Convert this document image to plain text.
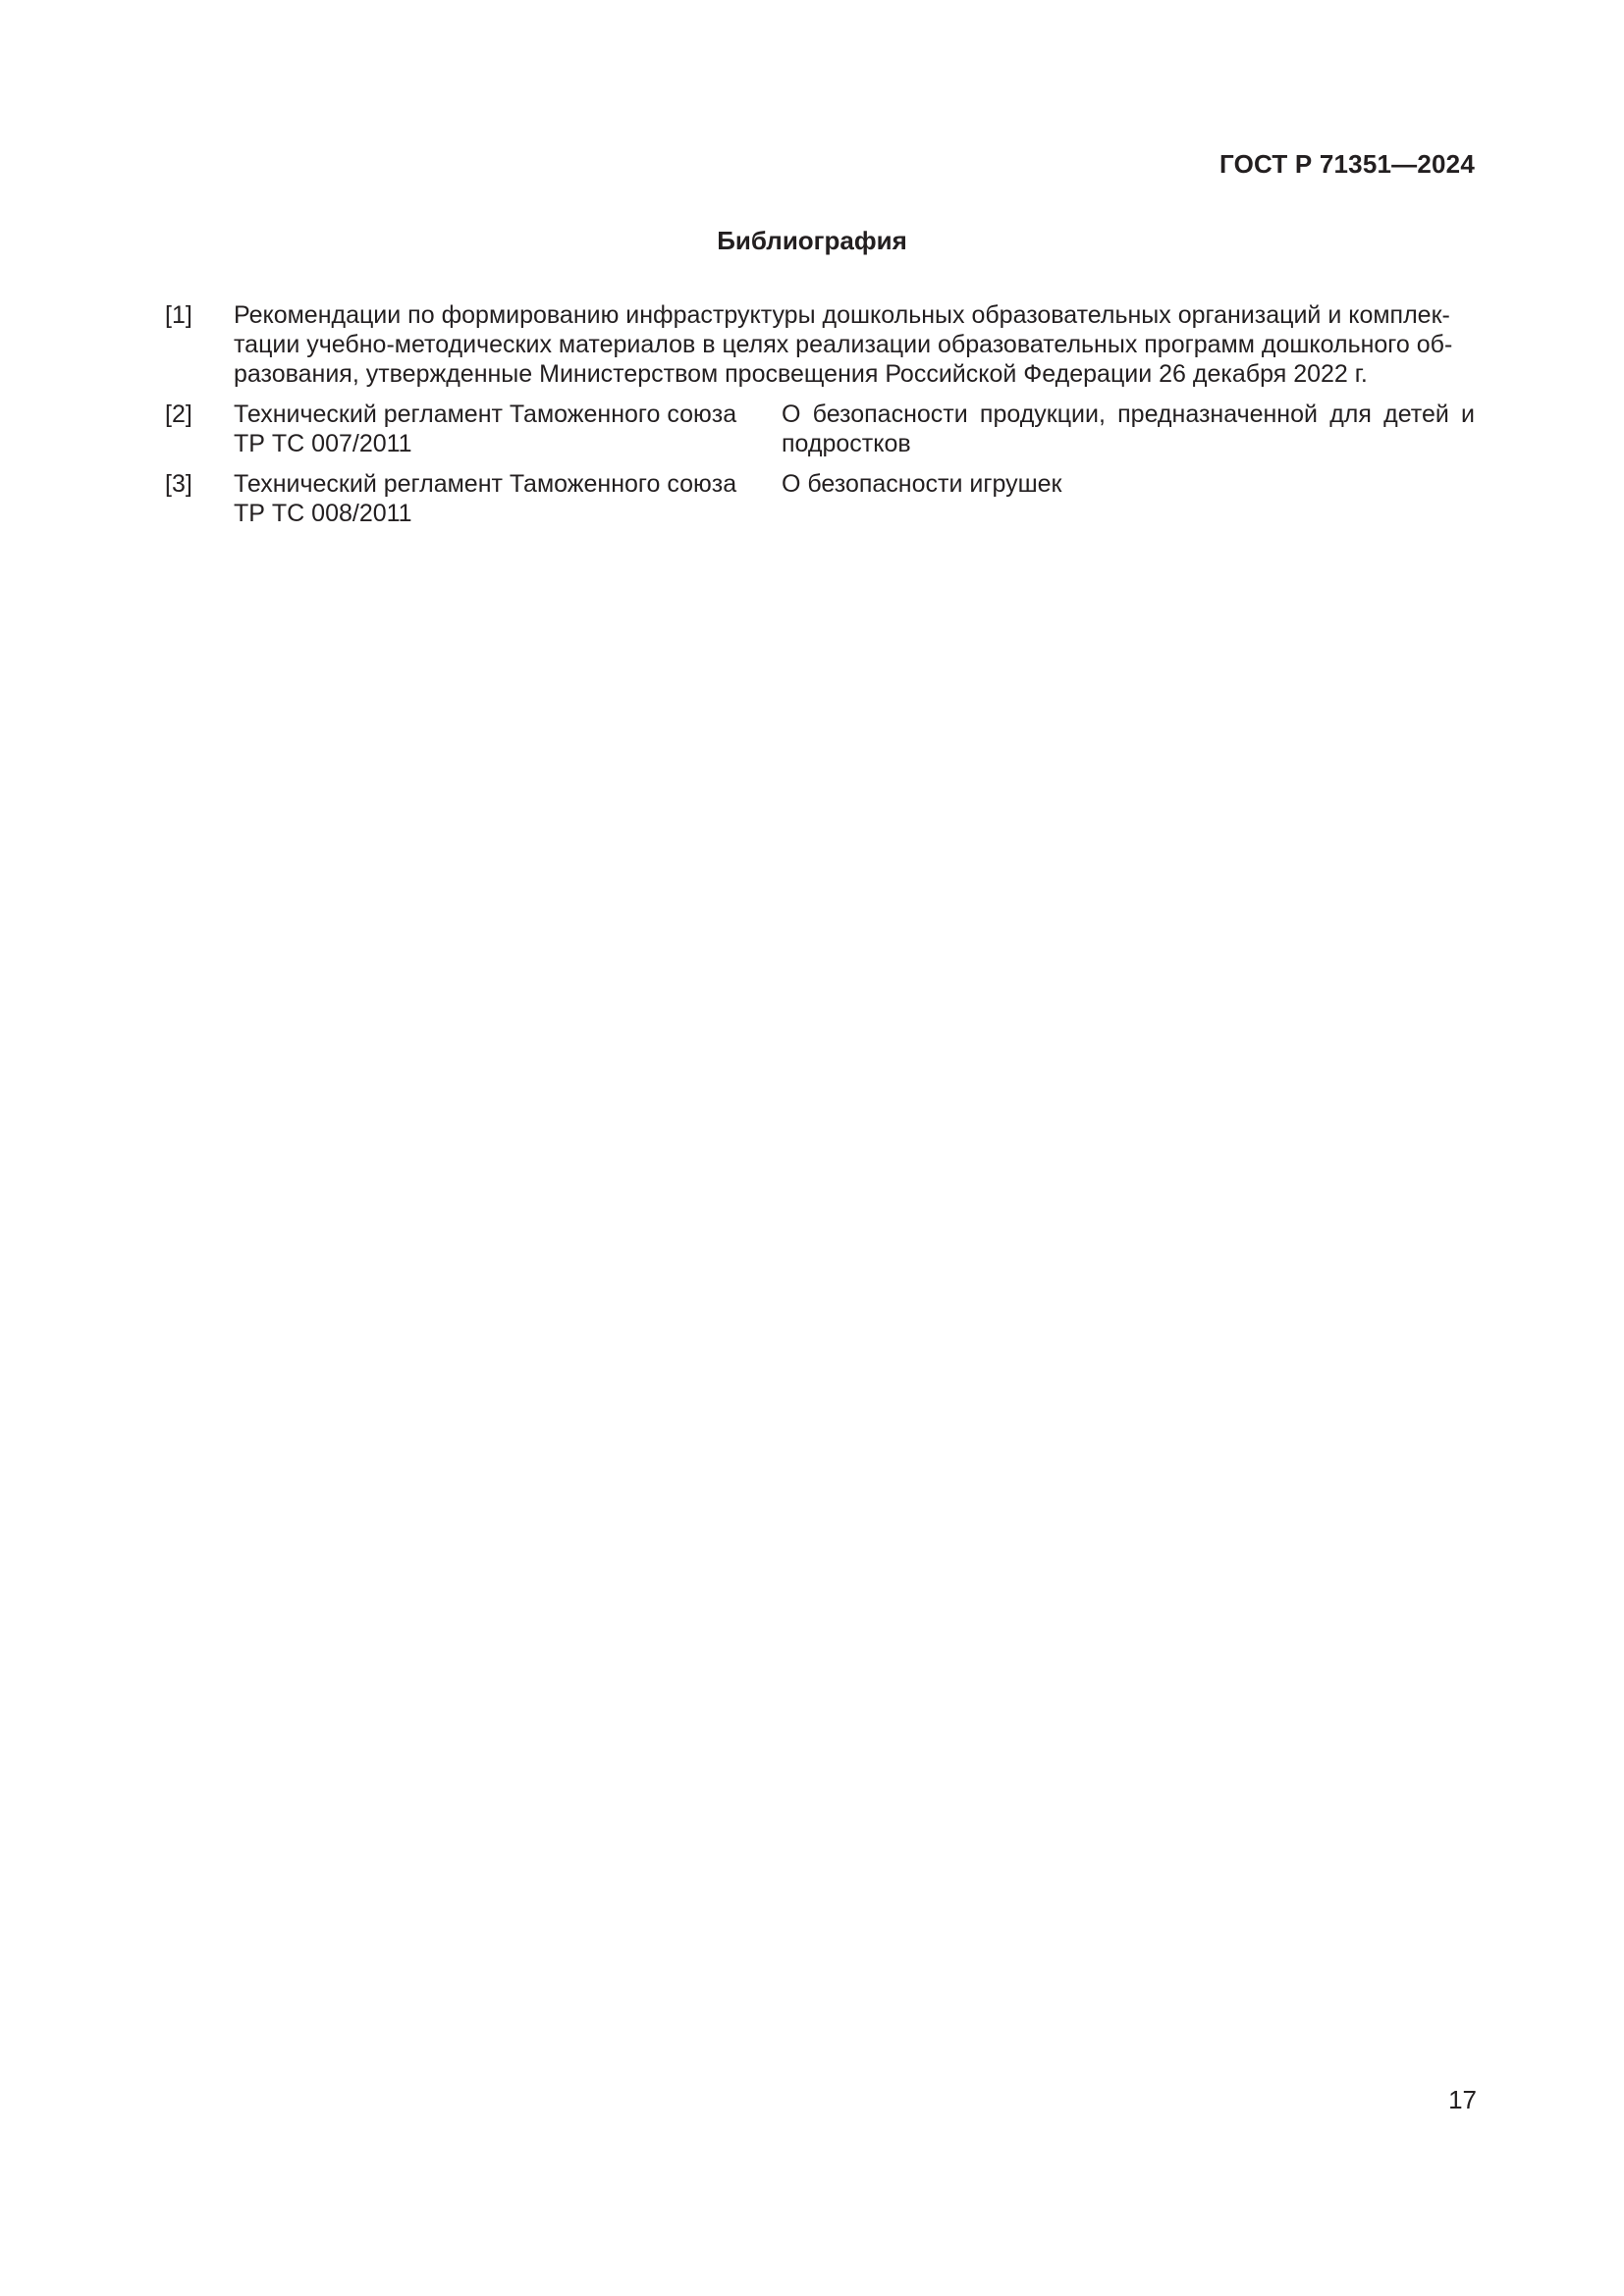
ГОСТ Р 71351—2024
Библиография
[1] Рекомендации по формированию инфраструктуры дошкольных образовательных организаций и комплек-
тации учебно-методических материалов в целях реализации образовательных программ дошкольного об-
разования, утвержденные Министерством просвещения Российской Федерации 26 декабря 2022 г.
[2] Технический регламент Таможенного союза
ТР ТС 007/2011
О безопасности продукции, предназначенной для детей и подростков
[3] Технический регламент Таможенного союза
ТР ТС 008/2011
О безопасности игрушек
17
